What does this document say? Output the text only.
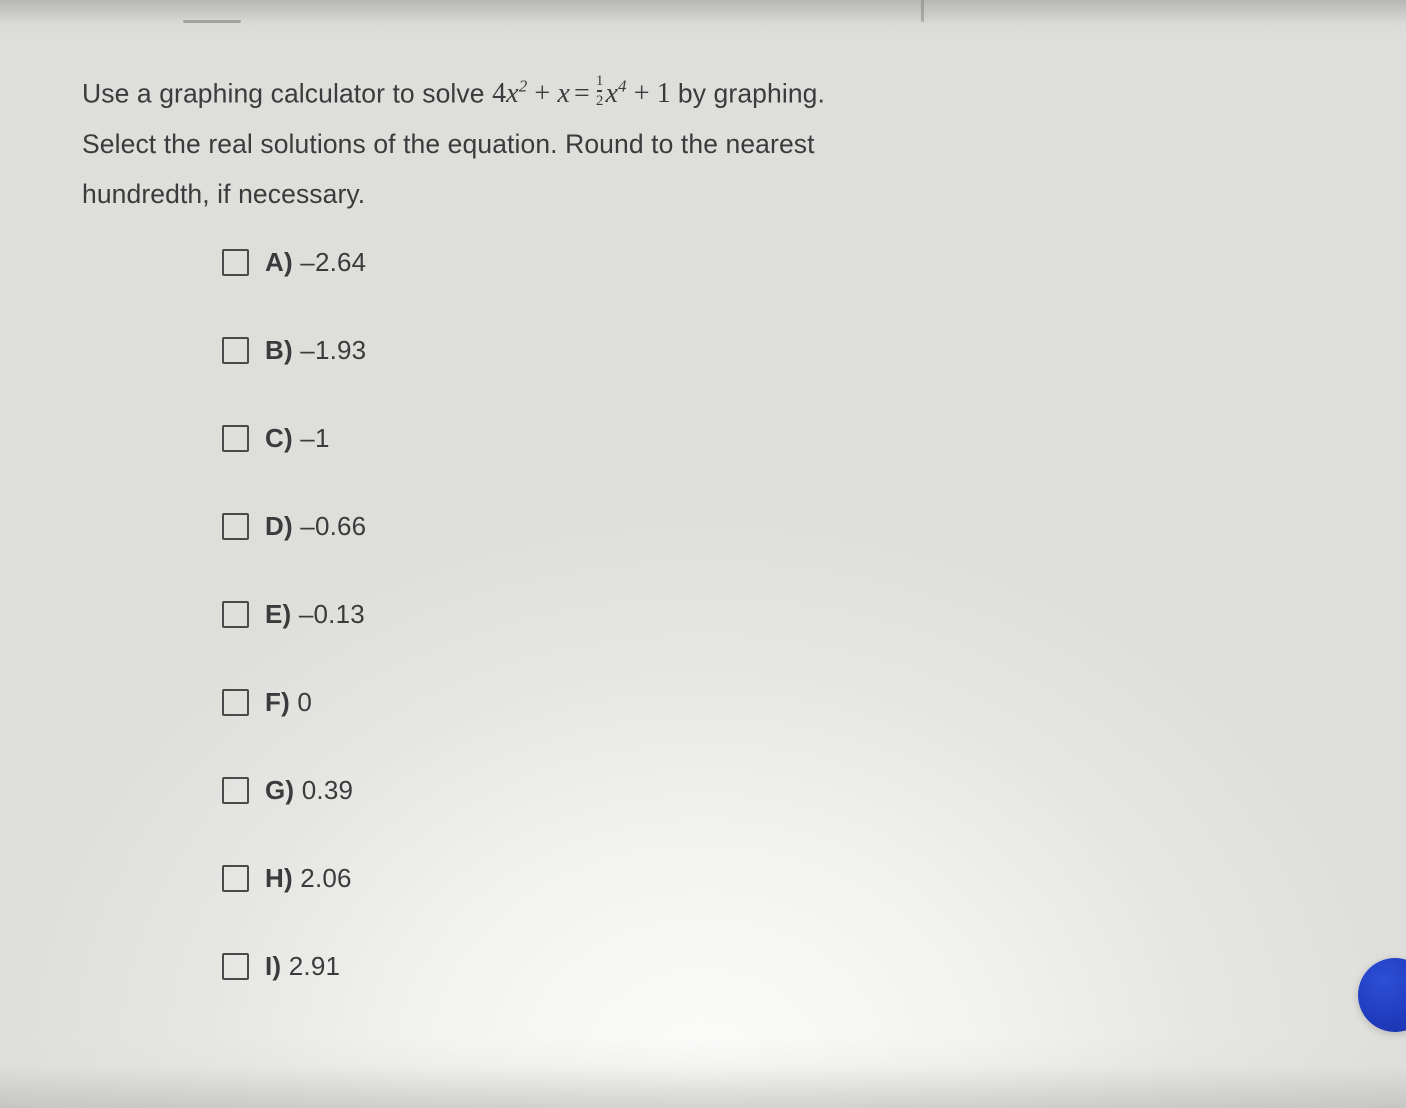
Use a graphing calculator to solve $4x^2 + x = \frac{1}{2} x^4 + 1$ by graphing.
Select the real solutions of the equation. Round to the nearest
hundredth, if necessary.
A) –2.64
B) –1.93
C) –1
D) –0.66
E) –0.13
F) 0
G) 0.39
H) 2.06
I) 2.91
